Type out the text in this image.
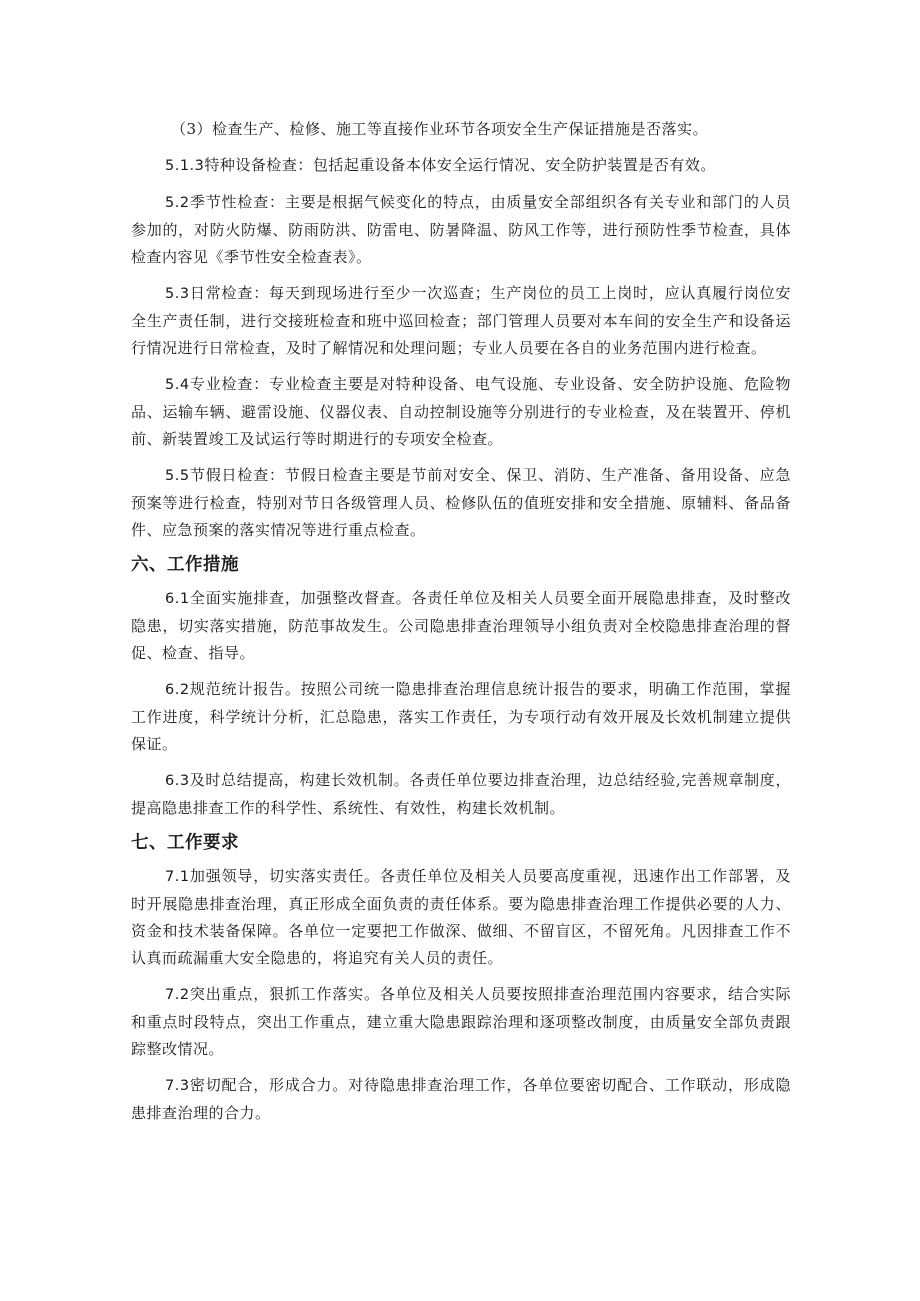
（3）检查生产、检修、施工等直接作业环节各项安全生产保证措施是否落实。

5.1.3特种设备检查：包括起重设备本体安全运行情况、安全防护装置是否有效。

5.2季节性检查：主要是根据气候变化的特点，由质量安全部组织各有关专业和部门的人员参加的，对防火防爆、防雨防洪、防雷电、防暑降温、防风工作等，进行预防性季节检查，具体检查内容见《季节性安全检查表》。

5.3日常检查：每天到现场进行至少一次巡查；生产岗位的员工上岗时，应认真履行岗位安全生产责任制，进行交接班检查和班中巡回检查；部门管理人员要对本车间的安全生产和设备运行情况进行日常检查，及时了解情况和处理问题；专业人员要在各自的业务范围内进行检查。

5.4专业检查：专业检查主要是对特种设备、电气设施、专业设备、安全防护设施、危险物品、运输车辆、避雷设施、仪器仪表、自动控制设施等分别进行的专业检查，及在装置开、停机前、新装置竣工及试运行等时期进行的专项安全检查。

5.5节假日检查：节假日检查主要是节前对安全、保卫、消防、生产准备、备用设备、应急预案等进行检查，特别对节日各级管理人员、检修队伍的值班安排和安全措施、原辅料、备品备件、应急预案的落实情况等进行重点检查。

六、工作措施

6.1全面实施排查，加强整改督查。各责任单位及相关人员要全面开展隐患排查，及时整改隐患，切实落实措施，防范事故发生。公司隐患排查治理领导小组负责对全校隐患排查治理的督促、检查、指导。

6.2规范统计报告。按照公司统一隐患排查治理信息统计报告的要求，明确工作范围，掌握工作进度，科学统计分析，汇总隐患，落实工作责任，为专项行动有效开展及长效机制建立提供保证。

6.3及时总结提高，构建长效机制。各责任单位要边排查治理，边总结经验,完善规章制度，提高隐患排查工作的科学性、系统性、有效性，构建长效机制。

七、工作要求

7.1加强领导，切实落实责任。各责任单位及相关人员要高度重视，迅速作出工作部署，及时开展隐患排查治理，真正形成全面负责的责任体系。要为隐患排查治理工作提供必要的人力、资金和技术装备保障。各单位一定要把工作做深、做细、不留盲区，不留死角。凡因排查工作不认真而疏漏重大安全隐患的，将追究有关人员的责任。

7.2突出重点，狠抓工作落实。各单位及相关人员要按照排查治理范围内容要求，结合实际和重点时段特点，突出工作重点，建立重大隐患跟踪治理和逐项整改制度，由质量安全部负责跟踪整改情况。

7.3密切配合，形成合力。对待隐患排查治理工作，各单位要密切配合、工作联动，形成隐患排查治理的合力。
